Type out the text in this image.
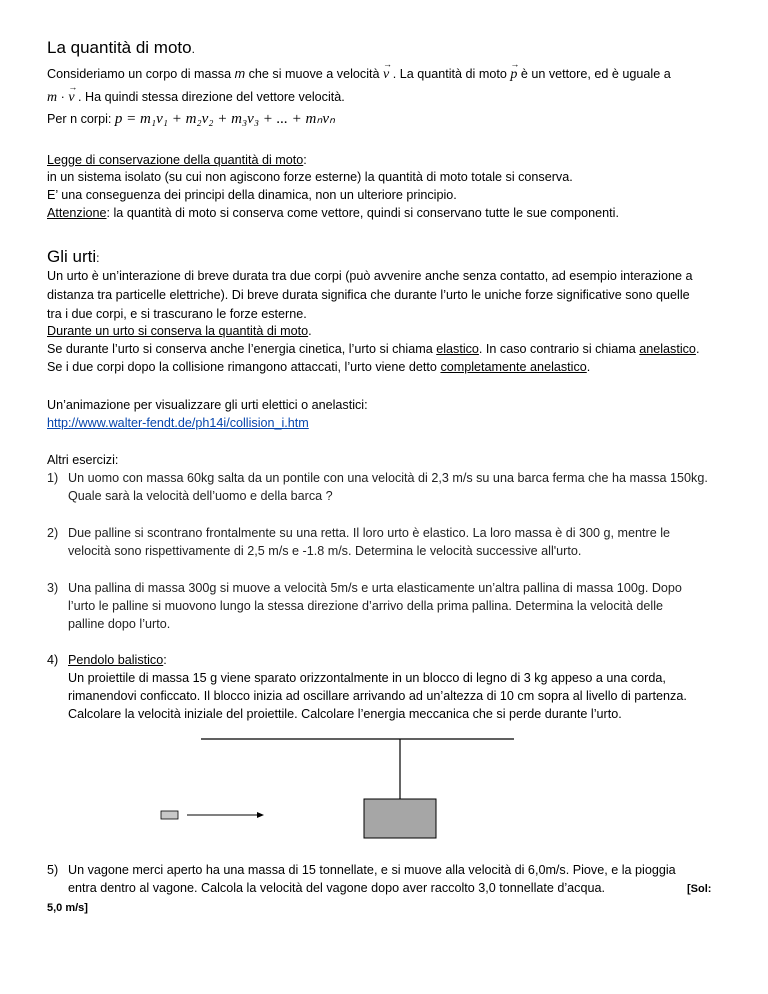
La quantità di moto.
Consideriamo un corpo di massa m che si muove a velocità → v . La quantità di moto → p è un vettore, ed è uguale a
m · → v . Ha quindi stessa direzione del vettore velocità.
Per n corpi: p = m₁v₁ + m₂v₂ + m₃v₃ + ... + mₙvₙ
Legge di conservazione della quantità di moto:
in un sistema isolato (su cui non agiscono forze esterne) la quantità di moto totale si conserva.
E’ una conseguenza dei principi della dinamica, non un ulteriore principio.
Attenzione: la quantità di moto si conserva come vettore, quindi si conservano tutte le sue componenti.
Gli urti:
Un urto è un’interazione di breve durata tra due corpi (può avvenire anche senza contatto, ad esempio interazione a
distanza tra particelle elettriche). Di breve durata significa che durante l’urto le uniche forze significative sono quelle
tra i due corpi, e si trascurano le forze esterne.
Durante un urto si conserva la quantità di moto.
Se durante l’urto si conserva anche l’energia cinetica, l’urto si chiama elastico. In caso contrario si chiama anelastico.
Se i due corpi dopo la collisione rimangono attaccati, l’urto viene detto completamente anelastico.
Un’animazione per visualizzare gli urti elettici o anelastici:
http://www.walter-fendt.de/ph14i/collision_i.htm
Altri esercizi:
1) Un uomo con massa 60kg salta da un pontile con una velocità di 2,3 m/s su una barca ferma che ha massa 150kg.
Quale sarà la velocità dell’uomo e della barca ?
2) Due palline si scontrano frontalmente su una retta. Il loro urto è elastico. La loro massa è di 300 g, mentre le
velocità sono rispettivamente di 2,5 m/s e -1.8 m/s. Determina le velocità successive all'urto.
3) Una pallina di massa 300g si muove a velocità 5m/s e urta elasticamente un’altra pallina di massa 100g. Dopo
l’urto le palline si muovono lungo la stessa direzione d’arrivo della prima pallina. Determina la velocità delle
palline dopo l’urto.
4) Pendolo balistico:
Un proiettile di massa 15 g viene sparato orizzontalmente in un blocco di legno di 3 kg appeso a una corda,
rimanendovi conficcato. Il blocco inizia ad oscillare arrivando ad un’altezza di 10 cm sopra al livello di partenza.
Calcolare la velocità iniziale del proiettile. Calcolare l’energia meccanica che si perde durante l’urto.
5) Un vagone merci aperto ha una massa di 15 tonnellate, e si muove alla velocità di 6,0m/s. Piove, e la pioggia
entra dentro al vagone. Calcola la velocità del vagone dopo aver raccolto 3,0 tonnellate d’acqua.	[Sol:
5,0 m/s]
